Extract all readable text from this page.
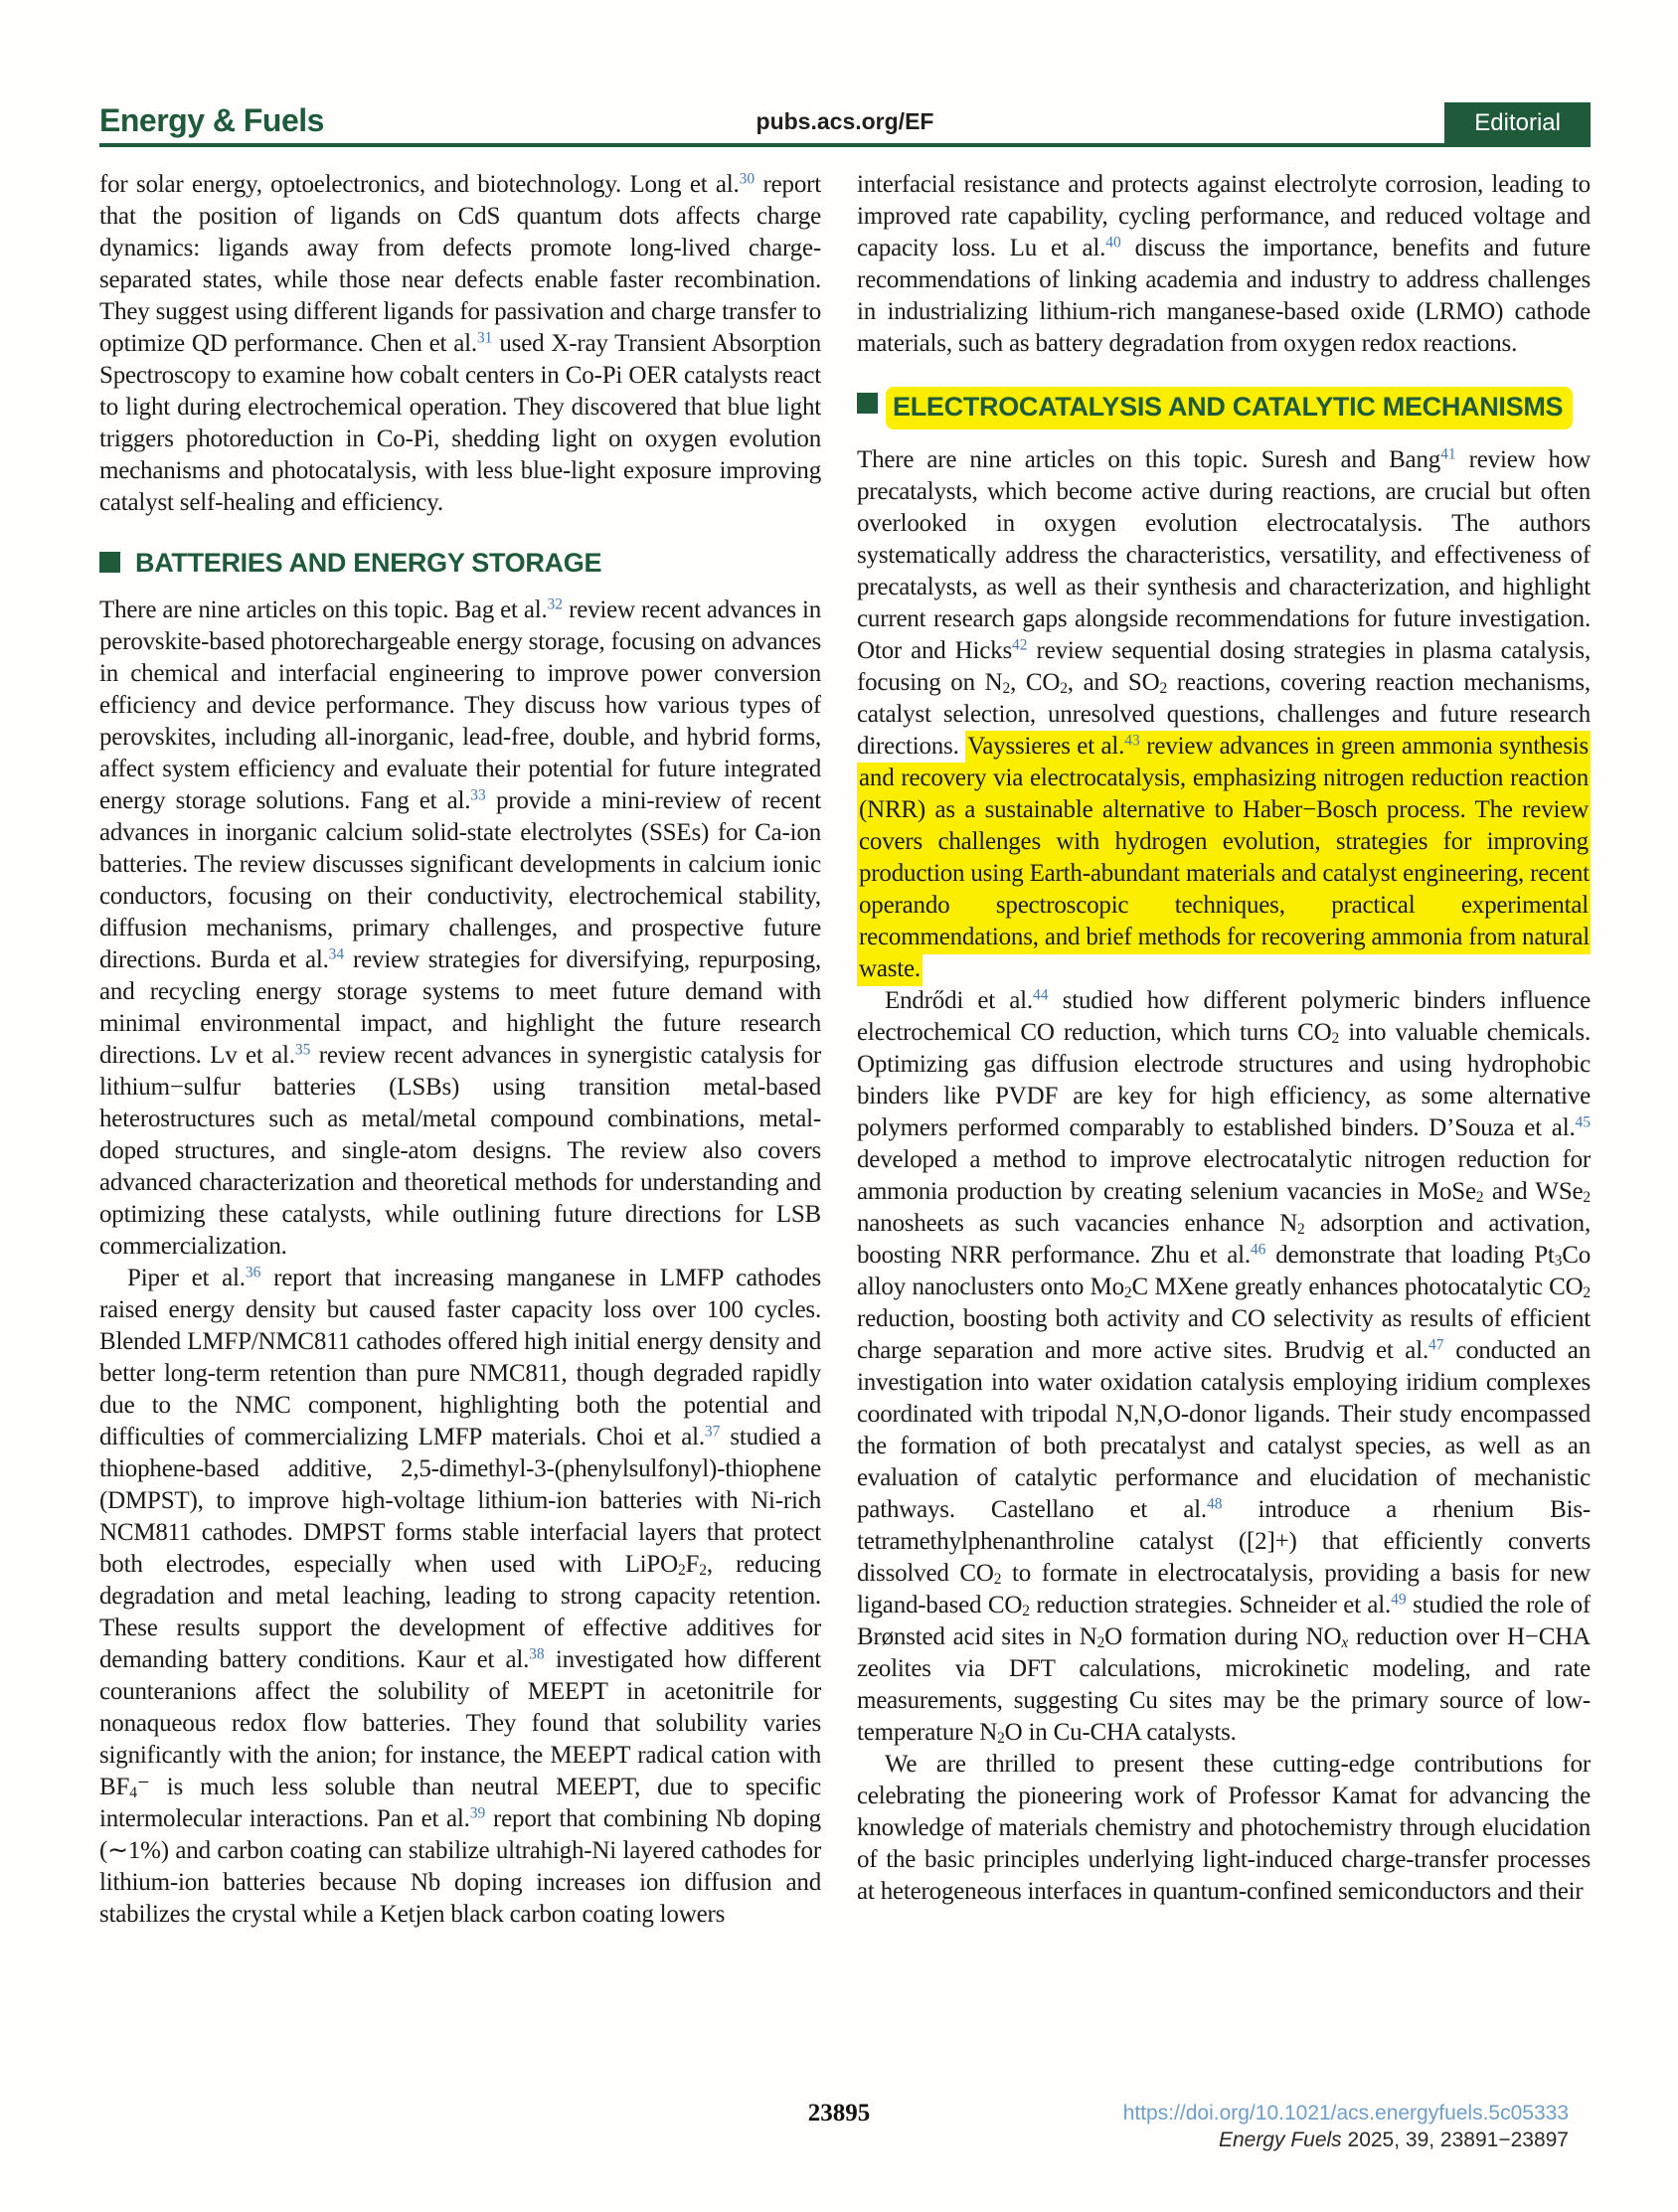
Energy & Fuels	pubs.acs.org/EF	Editorial

for solar energy, optoelectronics, and biotechnology. Long et al.$^{30}$ report that the position of ligands on CdS quantum dots affects charge dynamics: ligands away from defects promote long-lived charge-separated states, while those near defects enable faster recombination. They suggest using different ligands for passivation and charge transfer to optimize QD performance. Chen et al.$^{31}$ used X-ray Transient Absorption Spectroscopy to examine how cobalt centers in Co-Pi OER catalysts react to light during electrochemical operation. They discovered that blue light triggers photoreduction in Co-Pi, shedding light on oxygen evolution mechanisms and photocatalysis, with less blue-light exposure improving catalyst self-healing and efficiency.

BATTERIES AND ENERGY STORAGE

There are nine articles on this topic. Bag et al.$^{32}$ review recent advances in perovskite-based photorechargeable energy storage, focusing on advances in chemical and interfacial engineering to improve power conversion efficiency and device performance. They discuss how various types of perovskites, including all-inorganic, lead-free, double, and hybrid forms, affect system efficiency and evaluate their potential for future integrated energy storage solutions. Fang et al.$^{33}$ provide a mini-review of recent advances in inorganic calcium solid-state electrolytes (SSEs) for Ca-ion batteries. The review discusses significant developments in calcium ionic conductors, focusing on their conductivity, electrochemical stability, diffusion mechanisms, primary challenges, and prospective future directions. Burda et al.$^{34}$ review strategies for diversifying, repurposing, and recycling energy storage systems to meet future demand with minimal environmental impact, and highlight the future research directions. Lv et al.$^{35}$ review recent advances in synergistic catalysis for lithium−sulfur batteries (LSBs) using transition metal-based heterostructures such as metal/metal compound combinations, metal-doped structures, and single-atom designs. The review also covers advanced characterization and theoretical methods for understanding and optimizing these catalysts, while outlining future directions for LSB commercialization.

Piper et al.$^{36}$ report that increasing manganese in LMFP cathodes raised energy density but caused faster capacity loss over 100 cycles. Blended LMFP/NMC811 cathodes offered high initial energy density and better long-term retention than pure NMC811, though degraded rapidly due to the NMC component, highlighting both the potential and difficulties of commercializing LMFP materials. Choi et al.$^{37}$ studied a thiophene-based additive, 2,5-dimethyl-3-(phenylsulfonyl)-thiophene (DMPST), to improve high-voltage lithium-ion batteries with Ni-rich NCM811 cathodes. DMPST forms stable interfacial layers that protect both electrodes, especially when used with $LiPO_2F_2$, reducing degradation and metal leaching, leading to strong capacity retention. These results support the development of effective additives for demanding battery conditions. Kaur et al.$^{38}$ investigated how different counteranions affect the solubility of MEEPT in acetonitrile for nonaqueous redox flow batteries. They found that solubility varies significantly with the anion; for instance, the MEEPT radical cation with $BF_4^-$ is much less soluble than neutral MEEPT, due to specific intermolecular interactions. Pan et al.$^{39}$ report that combining Nb doping (∼1%) and carbon coating can stabilize ultrahigh-Ni layered cathodes for lithium-ion batteries because Nb doping increases ion diffusion and stabilizes the crystal while a Ketjen black carbon coating lowers

interfacial resistance and protects against electrolyte corrosion, leading to improved rate capability, cycling performance, and reduced voltage and capacity loss. Lu et al.$^{40}$ discuss the importance, benefits and future recommendations of linking academia and industry to address challenges in industrializing lithium-rich manganese-based oxide (LRMO) cathode materials, such as battery degradation from oxygen redox reactions.

ELECTROCATALYSIS AND CATALYTIC MECHANISMS

There are nine articles on this topic. Suresh and Bang$^{41}$ review how precatalysts, which become active during reactions, are crucial but often overlooked in oxygen evolution electrocatalysis. The authors systematically address the characteristics, versatility, and effectiveness of precatalysts, as well as their synthesis and characterization, and highlight current research gaps alongside recommendations for future investigation. Otor and Hicks$^{42}$ review sequential dosing strategies in plasma catalysis, focusing on $N_2$, $CO_2$, and $SO_2$ reactions, covering reaction mechanisms, catalyst selection, unresolved questions, challenges and future research directions. Vayssieres et al.$^{43}$ review advances in green ammonia synthesis and recovery via electrocatalysis, emphasizing nitrogen reduction reaction (NRR) as a sustainable alternative to Haber−Bosch process. The review covers challenges with hydrogen evolution, strategies for improving production using Earth-abundant materials and catalyst engineering, recent operando spectroscopic techniques, practical experimental recommendations, and brief methods for recovering ammonia from natural waste.

Endrődi et al.$^{44}$ studied how different polymeric binders influence electrochemical CO reduction, which turns $CO_2$ into valuable chemicals. Optimizing gas diffusion electrode structures and using hydrophobic binders like PVDF are key for high efficiency, as some alternative polymers performed comparably to established binders. D’Souza et al.$^{45}$ developed a method to improve electrocatalytic nitrogen reduction for ammonia production by creating selenium vacancies in MoSe$_2$ and WSe$_2$ nanosheets as such vacancies enhance $N_2$ adsorption and activation, boosting NRR performance. Zhu et al.$^{46}$ demonstrate that loading $Pt_3Co$ alloy nanoclusters onto $Mo_2C$ MXene greatly enhances photocatalytic $CO_2$ reduction, boosting both activity and CO selectivity as results of efficient charge separation and more active sites. Brudvig et al.$^{47}$ conducted an investigation into water oxidation catalysis employing iridium complexes coordinated with tripodal N,N,O-donor ligands. Their study encompassed the formation of both precatalyst and catalyst species, as well as an evaluation of catalytic performance and elucidation of mechanistic pathways. Castellano et al.$^{48}$ introduce a rhenium Bis-tetramethylphenanthroline catalyst ([2]+) that efficiently converts dissolved $CO_2$ to formate in electrocatalysis, providing a basis for new ligand-based $CO_2$ reduction strategies. Schneider et al.$^{49}$ studied the role of Brønsted acid sites in $N_2O$ formation during $NO_x$ reduction over H−CHA zeolites via DFT calculations, microkinetic modeling, and rate measurements, suggesting Cu sites may be the primary source of low-temperature $N_2O$ in Cu-CHA catalysts.

We are thrilled to present these cutting-edge contributions for celebrating the pioneering work of Professor Kamat for advancing the knowledge of materials chemistry and photochemistry through elucidation of the basic principles underlying light-induced charge-transfer processes at heterogeneous interfaces in quantum-confined semiconductors and their

23895	https://doi.org/10.1021/acs.energyfuels.5c05333
Energy Fuels 2025, 39, 23891−23897
